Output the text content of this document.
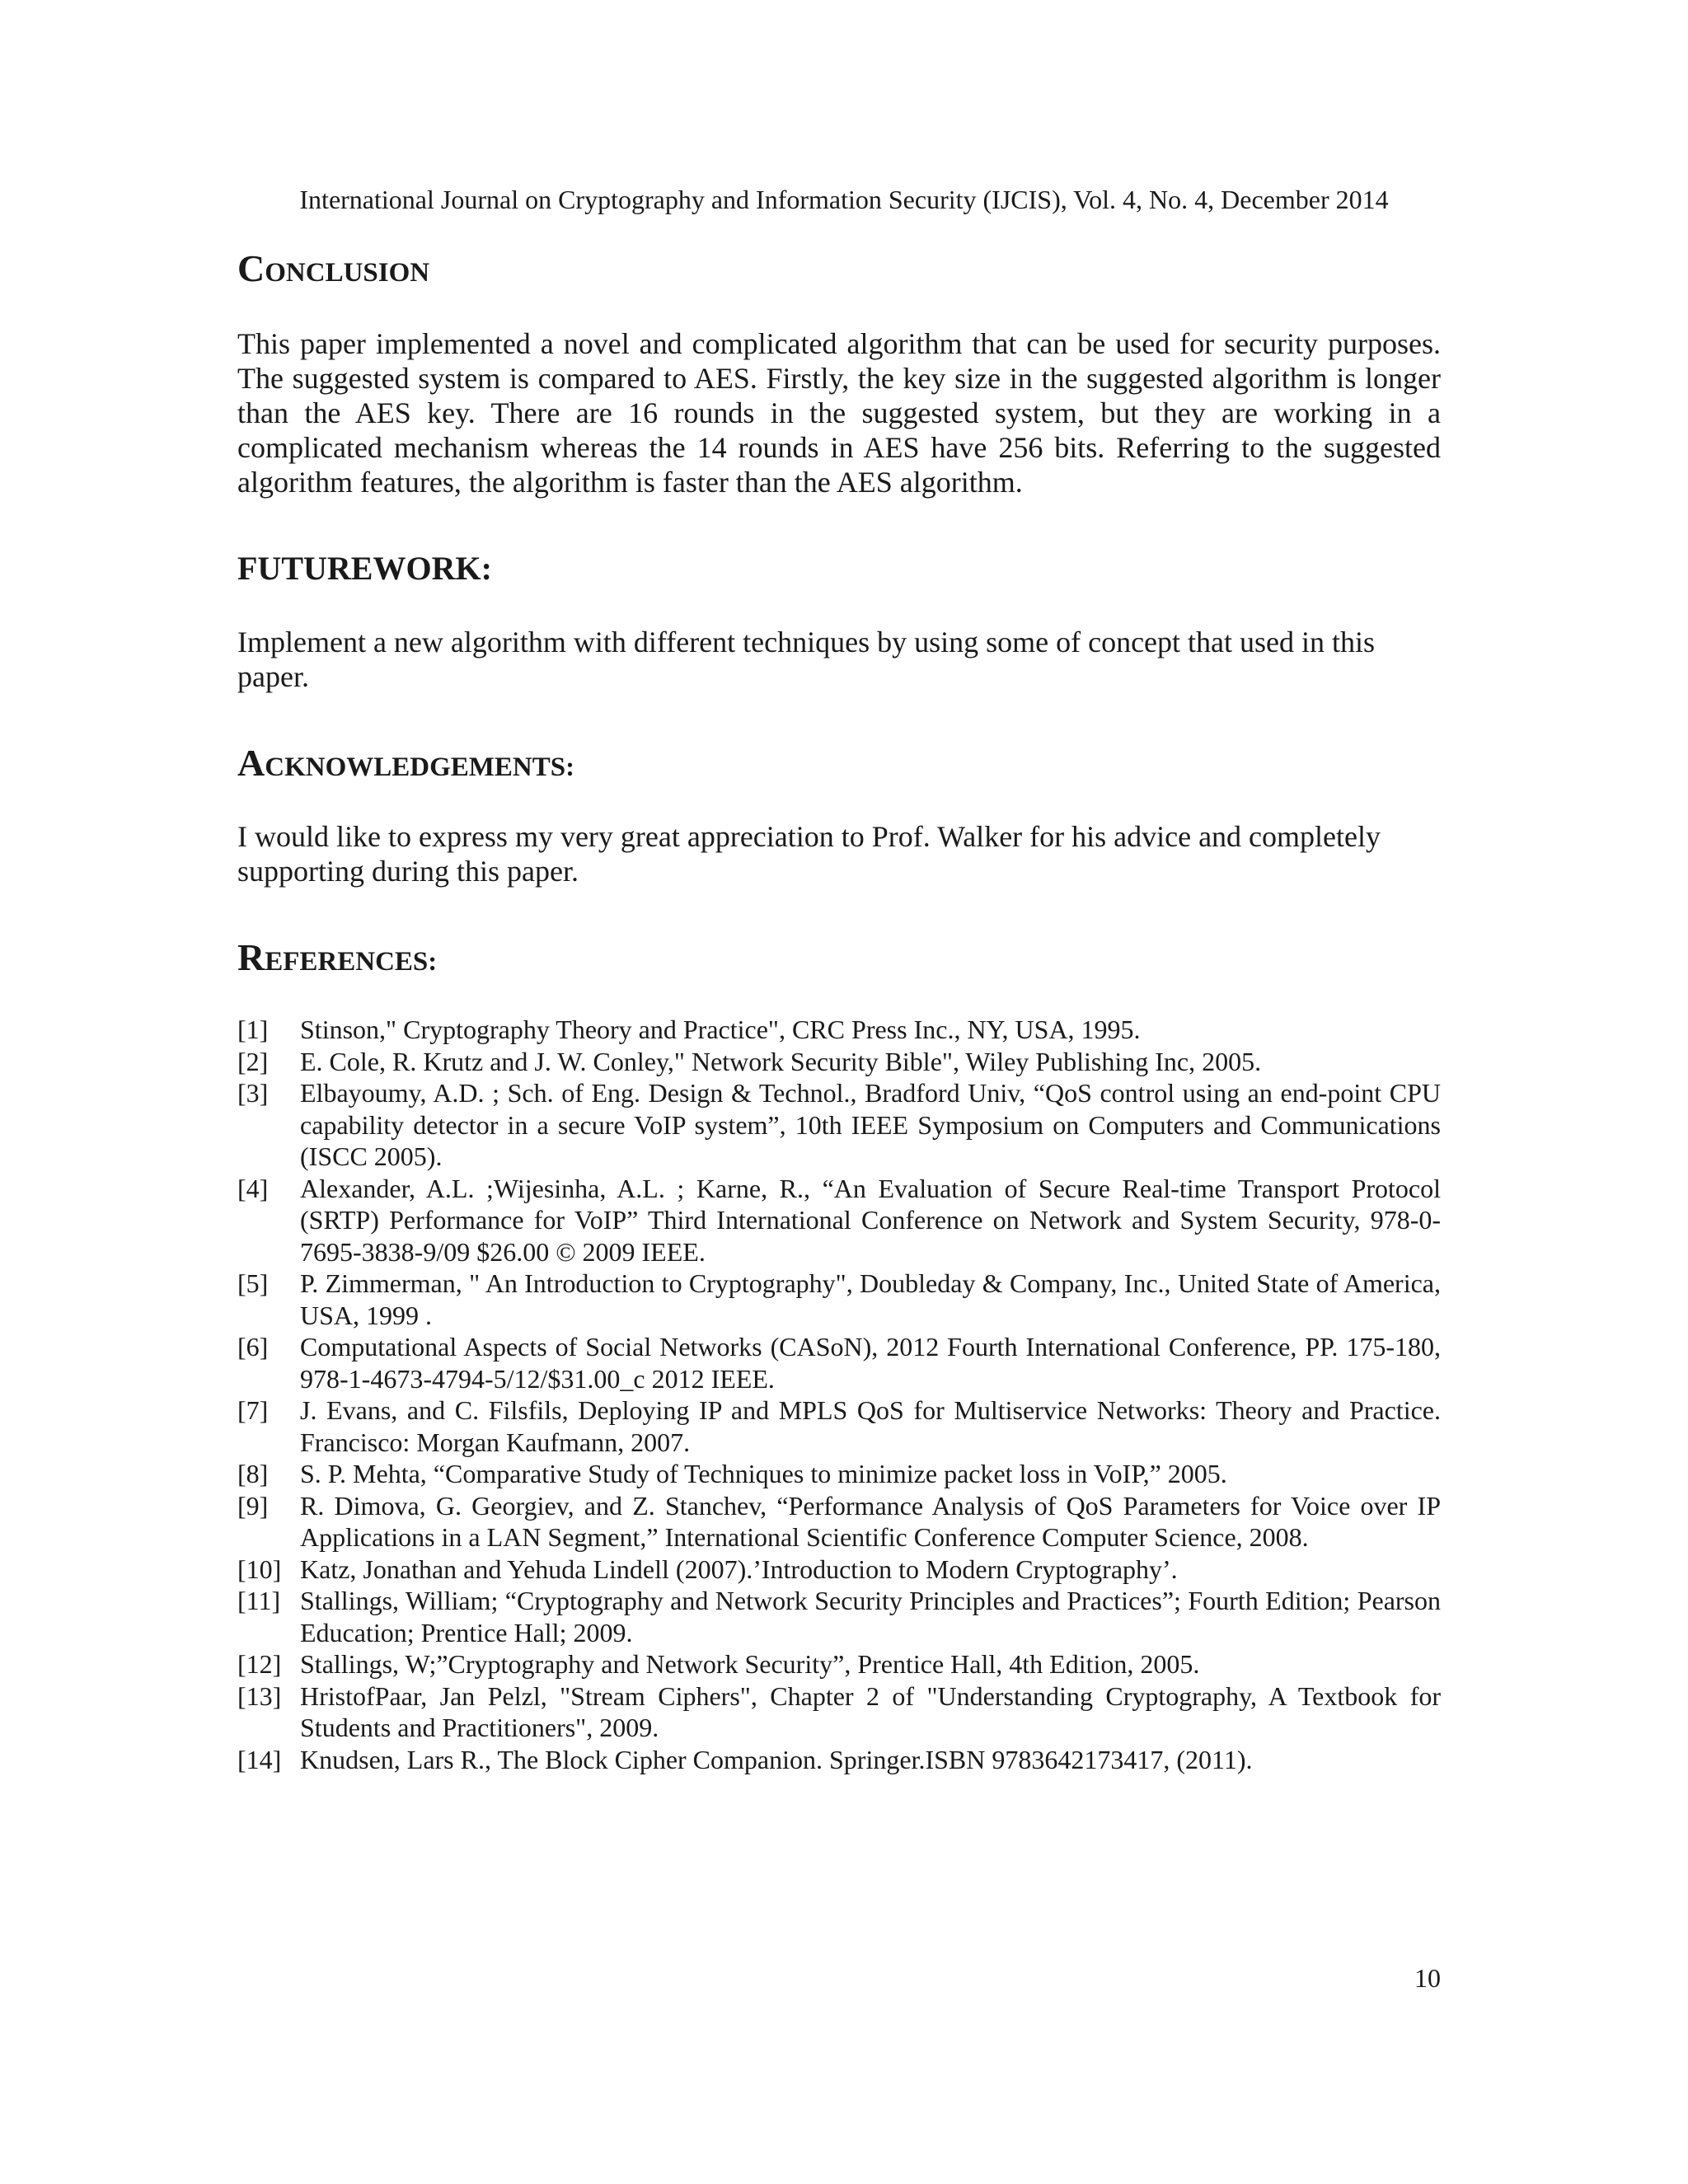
International Journal on Cryptography and Information Security (IJCIS), Vol. 4, No. 4, December 2014
CONCLUSION

This paper implemented a novel and complicated algorithm that can be used for security purposes. The suggested system is compared to AES. Firstly, the key size in the suggested algorithm is longer than the AES key. There are 16 rounds in the suggested system, but they are working in a complicated mechanism whereas the 14 rounds in AES have 256 bits. Referring to the suggested algorithm features, the algorithm is faster than the AES algorithm.

FUTUREWORK:

Implement a new algorithm with different techniques by using some of concept that used in this paper.

ACKNOWLEDGEMENTS:

I would like to express my very great appreciation to Prof. Walker for his advice and completely supporting during this paper.

REFERENCES:
[1]	Stinson," Cryptography Theory and Practice", CRC Press Inc., NY, USA, 1995.
[2]	E. Cole, R. Krutz and J. W. Conley," Network Security Bible", Wiley Publishing Inc, 2005.
[3]	Elbayoumy, A.D. ; Sch. of Eng. Design & Technol., Bradford Univ, “QoS control using an end-point CPU capability detector in a secure VoIP system”, 10th IEEE Symposium on Computers and Communications (ISCC 2005).
[4]	Alexander, A.L. ;Wijesinha, A.L. ; Karne, R., “An Evaluation of Secure Real-time Transport Protocol (SRTP) Performance for VoIP” Third International Conference on Network and System Security, 978-0-7695-3838-9/09 $26.00 © 2009 IEEE.
[5]	P. Zimmerman, " An Introduction to Cryptography", Doubleday & Company, Inc., United State of America, USA, 1999 .
[6]	Computational Aspects of Social Networks (CASoN), 2012 Fourth International Conference, PP. 175-180, 978-1-4673-4794-5/12/$31.00_c 2012 IEEE.
[7]	J. Evans, and C. Filsfils, Deploying IP and MPLS QoS for Multiservice Networks: Theory and Practice. Francisco: Morgan Kaufmann, 2007.
[8]	S. P. Mehta, “Comparative Study of Techniques to minimize packet loss in VoIP,” 2005.
[9]	R. Dimova, G. Georgiev, and Z. Stanchev, “Performance Analysis of QoS Parameters for Voice over IP Applications in a LAN Segment,” International Scientific Conference Computer Science, 2008.
[10] Katz, Jonathan and Yehuda Lindell (2007).’Introduction to Modern Cryptography’.
[11] Stallings, William; “Cryptography and Network Security Principles and Practices”; Fourth Edition; Pearson Education; Prentice Hall; 2009.
[12] Stallings, W;”Cryptography and Network Security”, Prentice Hall, 4th Edition, 2005.
[13] HristofPaar, Jan Pelzl, "Stream Ciphers", Chapter 2 of "Understanding Cryptography, A Textbook for Students and Practitioners", 2009.
[14] Knudsen, Lars R., The Block Cipher Companion. Springer.ISBN 9783642173417, (2011).
10
